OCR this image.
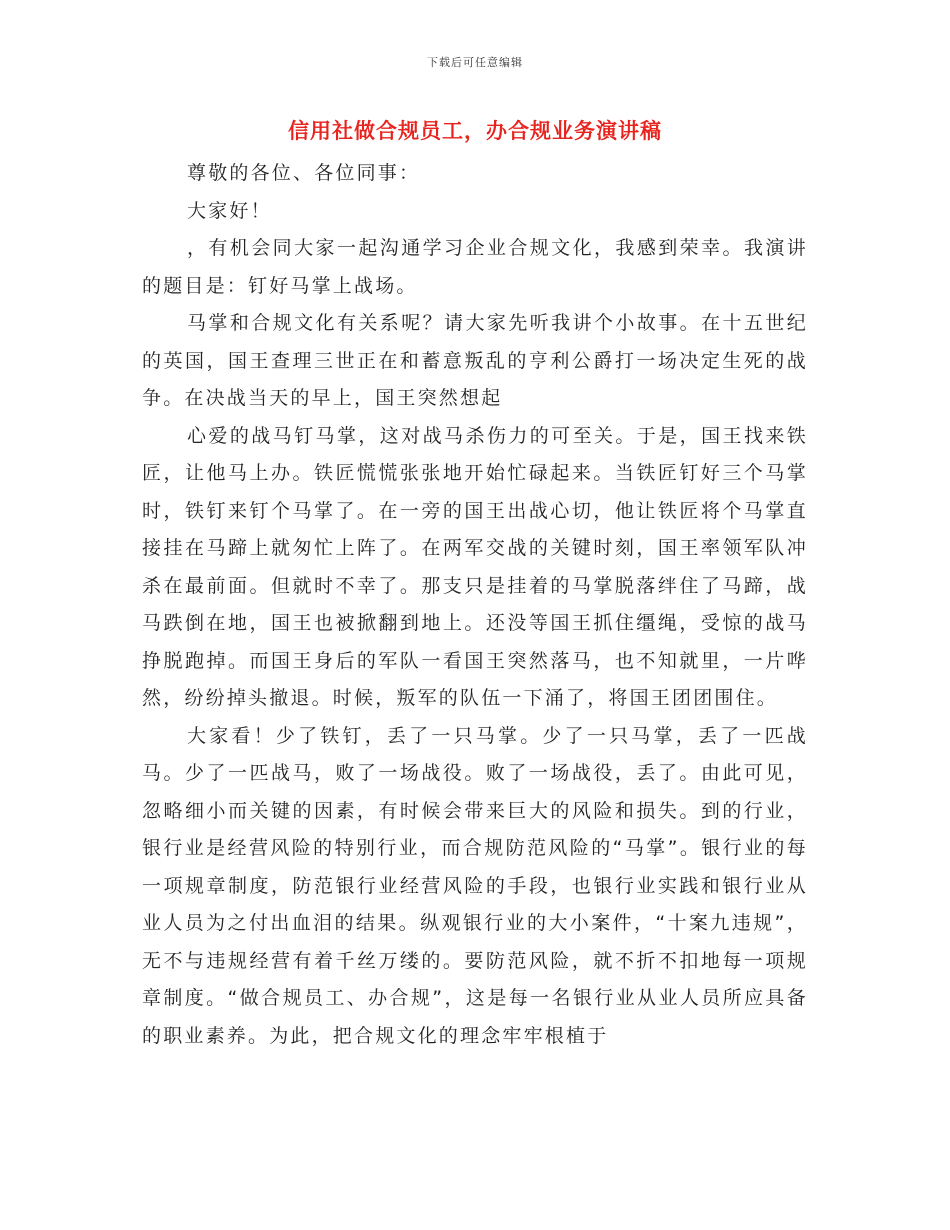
下载后可任意编辑
信用社做合规员工，办合规业务演讲稿

尊敬的各位、各位同事：

大家好！

，有机会同大家一起沟通学习企业合规文化，我感到荣幸。我演讲的题目是：钉好马掌上战场。

马掌和合规文化有关系呢？请大家先听我讲个小故事。在十五世纪的英国，国王查理三世正在和蓄意叛乱的亨利公爵打一场决定生死的战争。在决战当天的早上，国王突然想起

心爱的战马钉马掌，这对战马杀伤力的可至关。于是，国王找来铁匠，让他马上办。铁匠慌慌张张地开始忙碌起来。当铁匠钉好三个马掌时，铁钉来钉个马掌了。在一旁的国王出战心切，他让铁匠将个马掌直接挂在马蹄上就匆忙上阵了。在两军交战的关键时刻，国王率领军队冲杀在最前面。但就时不幸了。那支只是挂着的马掌脱落绊住了马蹄，战马跌倒在地，国王也被掀翻到地上。还没等国王抓住缰绳，受惊的战马挣脱跑掉。而国王身后的军队一看国王突然落马，也不知就里，一片哗然，纷纷掉头撤退。时候，叛军的队伍一下涌了，将国王团团围住。

大家看！少了铁钉，丢了一只马掌。少了一只马掌，丢了一匹战马。少了一匹战马，败了一场战役。败了一场战役，丢了。由此可见，忽略细小而关键的因素，有时候会带来巨大的风险和损失。到的行业，银行业是经营风险的特别行业，而合规防范风险的“马掌”。银行业的每一项规章制度，防范银行业经营风险的手段，也银行业实践和银行业从业人员为之付出血泪的结果。纵观银行业的大小案件，“十案九违规”，无不与违规经营有着千丝万缕的。要防范风险，就不折不扣地每一项规章制度。“做合规员工、办合规”，这是每一名银行业从业人员所应具备的职业素养。为此，把合规文化的理念牢牢根植于
